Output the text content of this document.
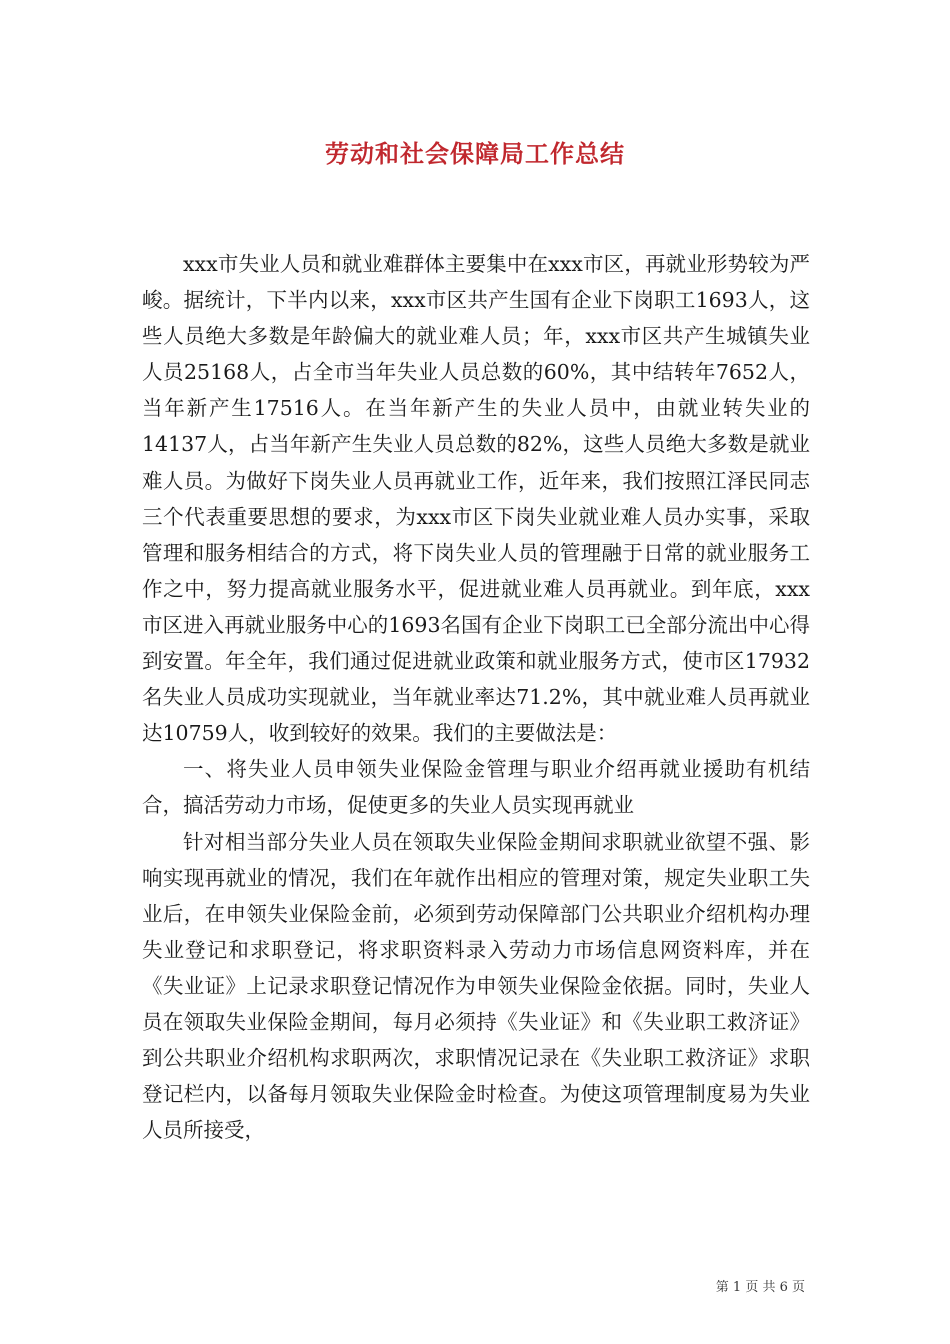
劳动和社会保障局工作总结

xxx市失业人员和就业难群体主要集中在xxx市区，再就业形势较为严峻。据统计，下半内以来，xxx市区共产生国有企业下岗职工1693人，这些人员绝大多数是年龄偏大的就业难人员；年，xxx市区共产生城镇失业人员25168人，占全市当年失业人员总数的60%，其中结转年7652人，当年新产生17516人。在当年新产生的失业人员中，由就业转失业的14137人，占当年新产生失业人员总数的82%，这些人员绝大多数是就业难人员。为做好下岗失业人员再就业工作，近年来，我们按照江泽民同志三个代表重要思想的要求，为xxx市区下岗失业就业难人员办实事，采取管理和服务相结合的方式，将下岗失业人员的管理融于日常的就业服务工作之中，努力提高就业服务水平，促进就业难人员再就业。到年底，xxx市区进入再就业服务中心的1693名国有企业下岗职工已全部分流出中心得到安置。年全年，我们通过促进就业政策和就业服务方式，使市区17932名失业人员成功实现就业，当年就业率达71.2%，其中就业难人员再就业达10759人，收到较好的效果。我们的主要做法是：

一、将失业人员申领失业保险金管理与职业介绍再就业援助有机结合，搞活劳动力市场，促使更多的失业人员实现再就业

针对相当部分失业人员在领取失业保险金期间求职就业欲望不强、影响实现再就业的情况，我们在年就作出相应的管理对策，规定失业职工失业后，在申领失业保险金前，必须到劳动保障部门公共职业介绍机构办理失业登记和求职登记，将求职资料录入劳动力市场信息网资料库，并在《失业证》上记录求职登记情况作为申领失业保险金依据。同时，失业人员在领取失业保险金期间，每月必须持《失业证》和《失业职工救济证》到公共职业介绍机构求职两次，求职情况记录在《失业职工救济证》求职登记栏内，以备每月领取失业保险金时检查。为使这项管理制度易为失业人员所接受，

第 1 页 共 6 页
